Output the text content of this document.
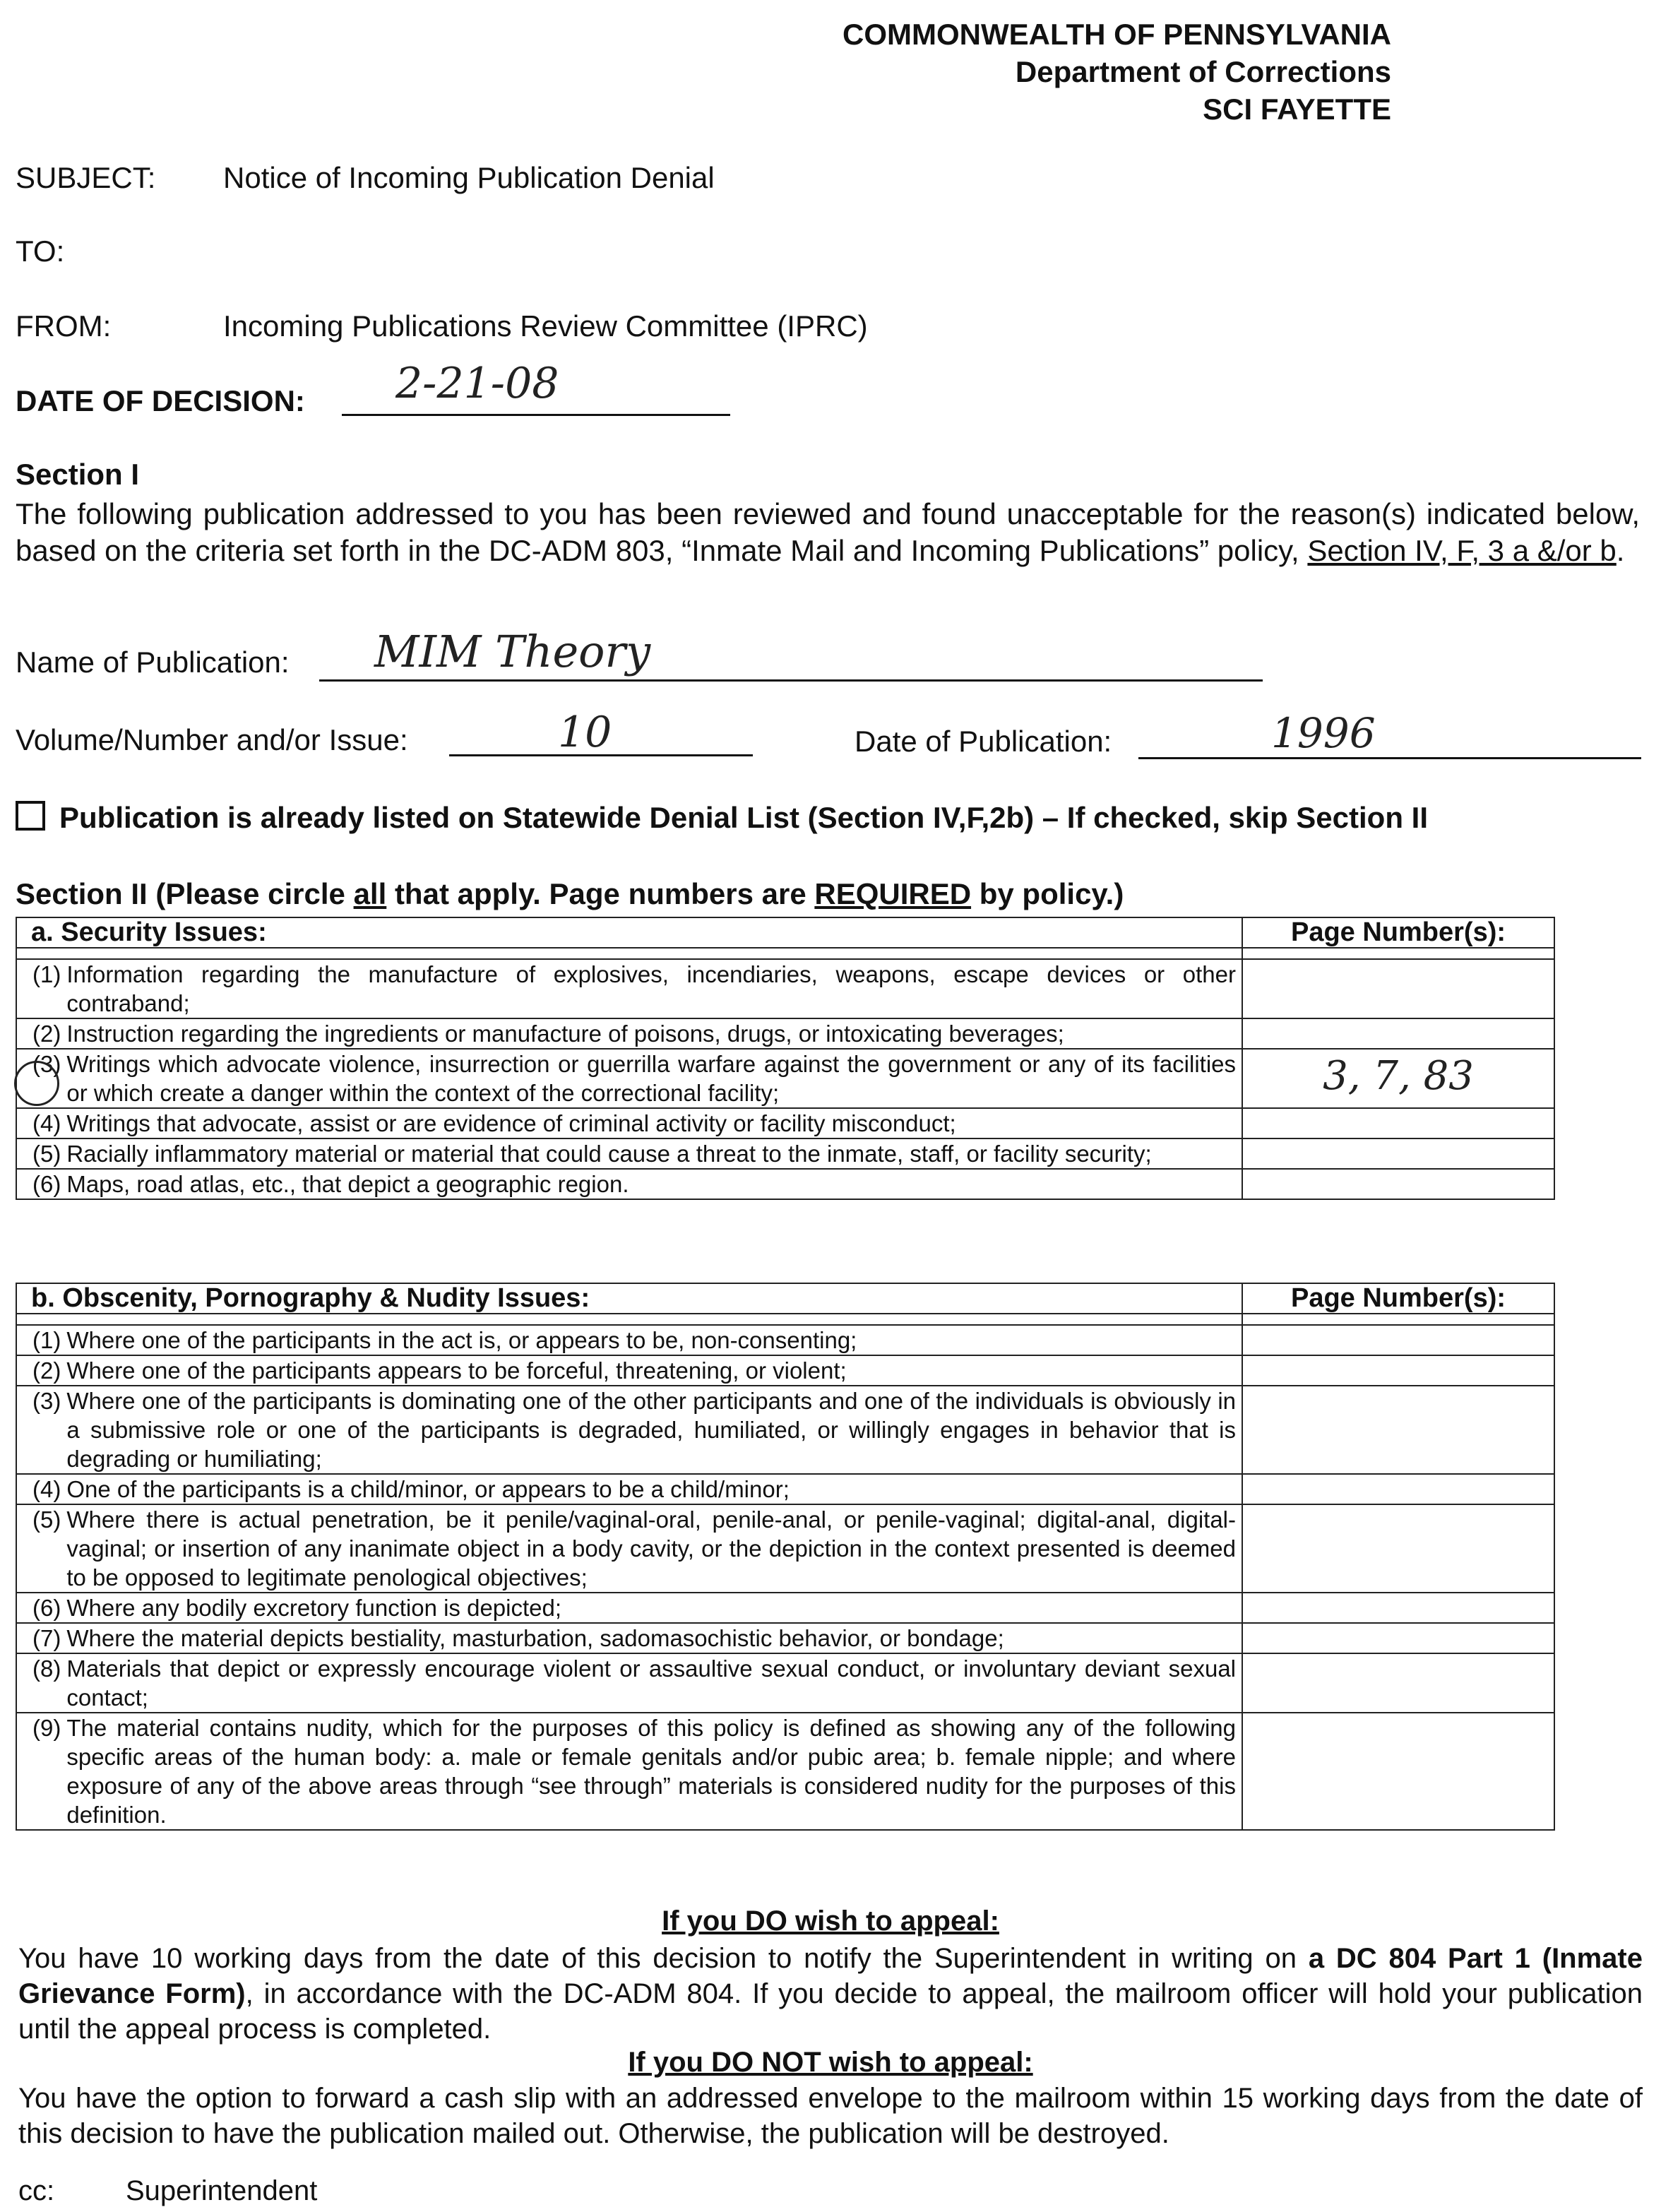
COMMONWEALTH OF PENNSYLVANIA
Department of Corrections
SCI FAYETTE
SUBJECT: Notice of Incoming Publication Denial
TO:
FROM:	Incoming Publications Review Committee (IPRC)
DATE OF DECISION: 2-21-08
Section I
The following publication addressed to you has been reviewed and found unacceptable for the reason(s) indicated below, based on the criteria set forth in the DC-ADM 803, “Inmate Mail and Incoming Publications” policy, Section IV, F, 3 a &/or b.
Name of Publication: MIM Theory
Volume/Number and/or Issue:	10	Date of Publication:	1996
Publication is already listed on Statewide Denial List (Section IV,F,2b) – If checked, skip Section II
Section II (Please circle all that apply. Page numbers are REQUIRED by policy.)
a. Security Issues:	Page Number(s):

(1) Information regarding the manufacture of explosives, incendiaries, weapons, escape devices or other contraband;	

(2) Instruction regarding the ingredients or manufacture of poisons, drugs, or intoxicating beverages;	

(3) Writings which advocate violence, insurrection or guerrilla warfare against the government or any of its facilities or which create a danger within the context of the correctional facility;	3, 7, 83

(4) Writings that advocate, assist or are evidence of criminal activity or facility misconduct;	

(5) Racially inflammatory material or material that could cause a threat to the inmate, staff, or facility security;	

(6) Maps, road atlas, etc., that depict a geographic region.	

b. Obscenity, Pornography & Nudity Issues:	Page Number(s):

(1) Where one of the participants in the act is, or appears to be, non-consenting;	

(2) Where one of the participants appears to be forceful, threatening, or violent;	

(3) Where one of the participants is dominating one of the other participants and one of the individuals is obviously in a submissive role or one of the participants is degraded, humiliated, or willingly engages in behavior that is degrading or humiliating;	

(4) One of the participants is a child/minor, or appears to be a child/minor;	

(5) Where there is actual penetration, be it penile/vaginal-oral, penile-anal, or penile-vaginal; digital-anal, digital-vaginal; or insertion of any inanimate object in a body cavity, or the depiction in the context presented is deemed to be opposed to legitimate penological objectives;	

(6) Where any bodily excretory function is depicted;	

(7) Where the material depicts bestiality, masturbation, sadomasochistic behavior, or bondage;	

(8) Materials that depict or expressly encourage violent or assaultive sexual conduct, or involuntary deviant sexual contact;	

(9) The material contains nudity, which for the purposes of this policy is defined as showing any of the following specific areas of the human body: a. male or female genitals and/or pubic area; b. female nipple; and where exposure of any of the above areas through “see through” materials is considered nudity for the purposes of this definition.	

If you DO wish to appeal:
You have 10 working days from the date of this decision to notify the Superintendent in writing on a DC 804 Part 1 (Inmate Grievance Form), in accordance with the DC-ADM 804. If you decide to appeal, the mailroom officer will hold your publication until the appeal process is completed.
If you DO NOT wish to appeal:
You have the option to forward a cash slip with an addressed envelope to the mailroom within 15 working days from the date of this decision to have the publication mailed out. Otherwise, the publication will be destroyed.
cc:	Superintendent
